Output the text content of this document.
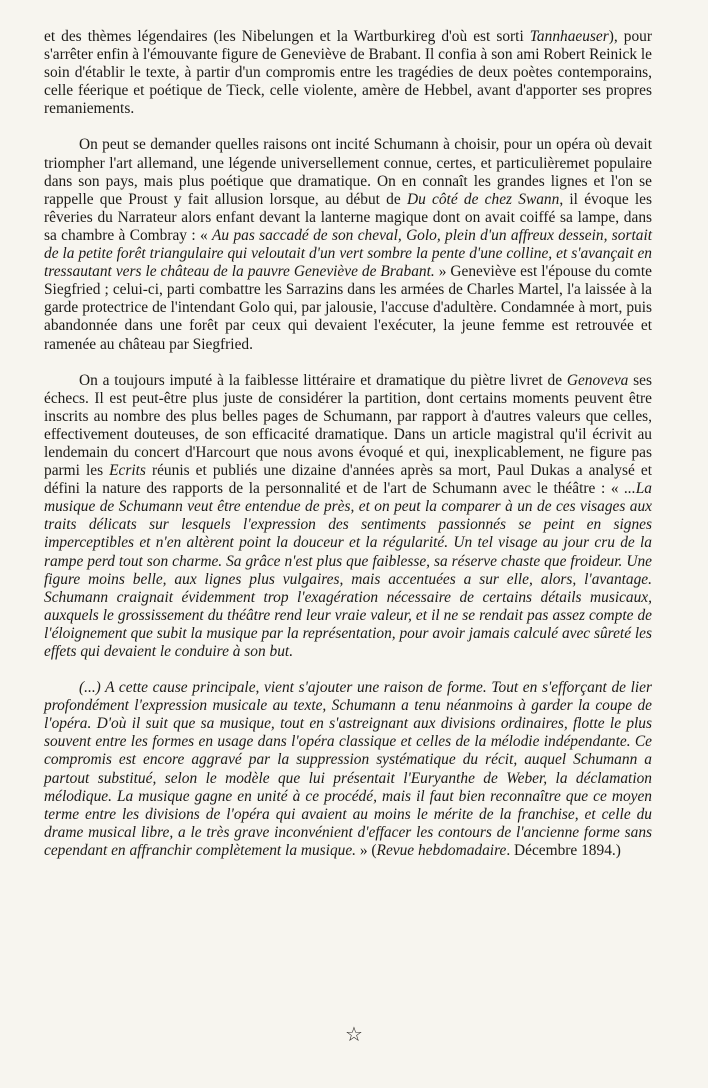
et des thèmes légendaires (les Nibelungen et la Wartburkireg d'où est sorti Tannhaeuser), pour s'arrêter enfin à l'émouvante figure de Geneviève de Brabant. Il confia à son ami Robert Reinick le soin d'établir le texte, à partir d'un compromis entre les tragédies de deux poètes contemporains, celle féerique et poétique de Tieck, celle violente, amère de Hebbel, avant d'apporter ses propres remaniements.

On peut se demander quelles raisons ont incité Schumann à choisir, pour un opéra où devait triompher l'art allemand, une légende universellement connue, certes, et particulièremet populaire dans son pays, mais plus poétique que dramatique. On en connaît les grandes lignes et l'on se rappelle que Proust y fait allusion lorsque, au début de Du côté de chez Swann, il évoque les rêveries du Narrateur alors enfant devant la lanterne magique dont on avait coiffé sa lampe, dans sa chambre à Combray : « Au pas saccadé de son cheval, Golo, plein d'un affreux dessein, sortait de la petite forêt triangulaire qui veloutait d'un vert sombre la pente d'une colline, et s'avançait en tressautant vers le château de la pauvre Geneviève de Brabant. » Geneviève est l'épouse du comte Siegfried ; celui-ci, parti combattre les Sarrazins dans les armées de Charles Martel, l'a laissée à la garde protectrice de l'intendant Golo qui, par jalousie, l'accuse d'adultère. Condamnée à mort, puis abandonnée dans une forêt par ceux qui devaient l'exécuter, la jeune femme est retrouvée et ramenée au château par Siegfried.

On a toujours imputé à la faiblesse littéraire et dramatique du piètre livret de Genoveva ses échecs. Il est peut-être plus juste de considérer la partition, dont certains moments peuvent être inscrits au nombre des plus belles pages de Schumann, par rapport à d'autres valeurs que celles, effectivement douteuses, de son efficacité dramatique. Dans un article magistral qu'il écrivit au lendemain du concert d'Harcourt que nous avons évoqué et qui, inexplicablement, ne figure pas parmi les Ecrits réunis et publiés une dizaine d'années après sa mort, Paul Dukas a analysé et défini la nature des rapports de la personnalité et de l'art de Schumann avec le théâtre : « ...La musique de Schumann veut être entendue de près, et on peut la comparer à un de ces visages aux traits délicats sur lesquels l'expression des sentiments passionnés se peint en signes imperceptibles et n'en altèrent point la douceur et la régularité. Un tel visage au jour cru de la rampe perd tout son charme. Sa grâce n'est plus que faiblesse, sa réserve chaste que froideur. Une figure moins belle, aux lignes plus vulgaires, mais accentuées a sur elle, alors, l'avantage. Schumann craignait évidemment trop l'exagération nécessaire de certains détails musicaux, auxquels le grossissement du théâtre rend leur vraie valeur, et il ne se rendait pas assez compte de l'éloignement que subit la musique par la représentation, pour avoir jamais calculé avec sûreté les effets qui devaient le conduire à son but.

(...) A cette cause principale, vient s'ajouter une raison de forme. Tout en s'efforçant de lier profondément l'expression musicale au texte, Schumann a tenu néanmoins à garder la coupe de l'opéra. D'où il suit que sa musique, tout en s'astreignant aux divisions ordinaires, flotte le plus souvent entre les formes en usage dans l'opéra classique et celles de la mélodie indépendante. Ce compromis est encore aggravé par la suppression systématique du récit, auquel Schumann a partout substitué, selon le modèle que lui présentait l'Euryanthe de Weber, la déclamation mélodique. La musique gagne en unité à ce procédé, mais il faut bien reconnaître que ce moyen terme entre les divisions de l'opéra qui avaient au moins le mérite de la franchise, et celle du drame musical libre, a le très grave inconvénient d'effacer les contours de l'ancienne forme sans cependant en affranchir complètement la musique. » (Revue hebdomadaire. Décembre 1894.)

☆
